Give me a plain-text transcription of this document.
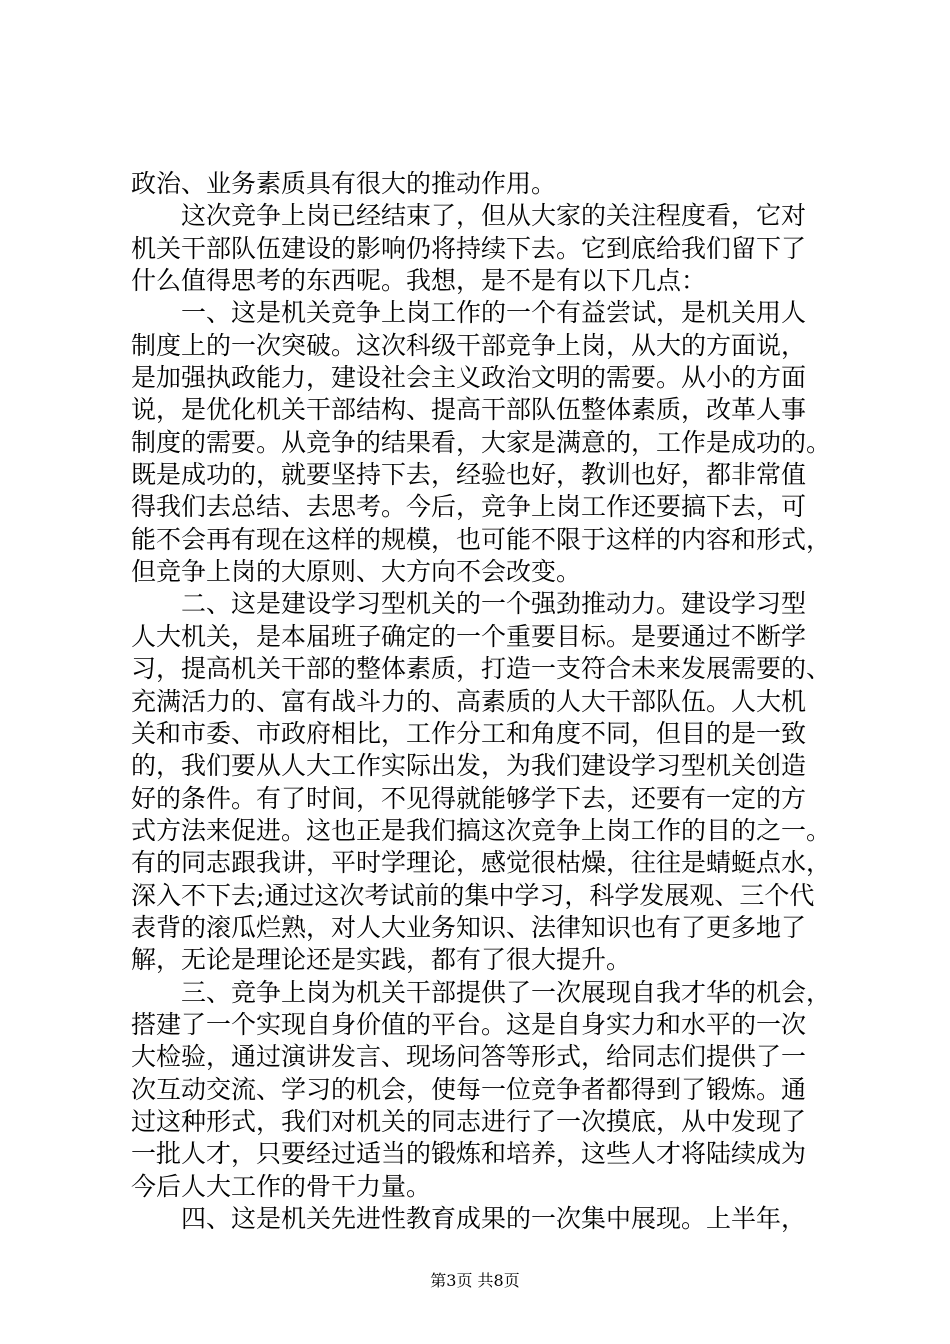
政治、业务素质具有很大的推动作用。
这次竞争上岗已经结束了，但从大家的关注程度看，它对
机关干部队伍建设的影响仍将持续下去。它到底给我们留下了
什么值得思考的东西呢。我想，是不是有以下几点：
一、这是机关竞争上岗工作的一个有益尝试，是机关用人
制度上的一次突破。这次科级干部竞争上岗，从大的方面说，
是加强执政能力，建设社会主义政治文明的需要。从小的方面
说，是优化机关干部结构、提高干部队伍整体素质，改革人事
制度的需要。从竞争的结果看，大家是满意的，工作是成功的。
既是成功的，就要坚持下去，经验也好，教训也好，都非常值
得我们去总结、去思考。今后，竞争上岗工作还要搞下去，可
能不会再有现在这样的规模，也可能不限于这样的内容和形式，
但竞争上岗的大原则、大方向不会改变。
二、这是建设学习型机关的一个强劲推动力。建设学习型
人大机关，是本届班子确定的一个重要目标。是要通过不断学
习，提高机关干部的整体素质，打造一支符合未来发展需要的、
充满活力的、富有战斗力的、高素质的人大干部队伍。人大机
关和市委、市政府相比，工作分工和角度不同，但目的是一致
的，我们要从人大工作实际出发，为我们建设学习型机关创造
好的条件。有了时间，不见得就能够学下去，还要有一定的方
式方法来促进。这也正是我们搞这次竞争上岗工作的目的之一。
有的同志跟我讲，平时学理论，感觉很枯燥，往往是蜻蜓点水，
深入不下去;通过这次考试前的集中学习，科学发展观、三个代
表背的滚瓜烂熟，对人大业务知识、法律知识也有了更多地了
解，无论是理论还是实践，都有了很大提升。
三、竞争上岗为机关干部提供了一次展现自我才华的机会，
搭建了一个实现自身价值的平台。这是自身实力和水平的一次
大检验，通过演讲发言、现场问答等形式，给同志们提供了一
次互动交流、学习的机会，使每一位竞争者都得到了锻炼。通
过这种形式，我们对机关的同志进行了一次摸底，从中发现了
一批人才，只要经过适当的锻炼和培养，这些人才将陆续成为
今后人大工作的骨干力量。
四、这是机关先进性教育成果的一次集中展现。上半年，
第3页 共8页
